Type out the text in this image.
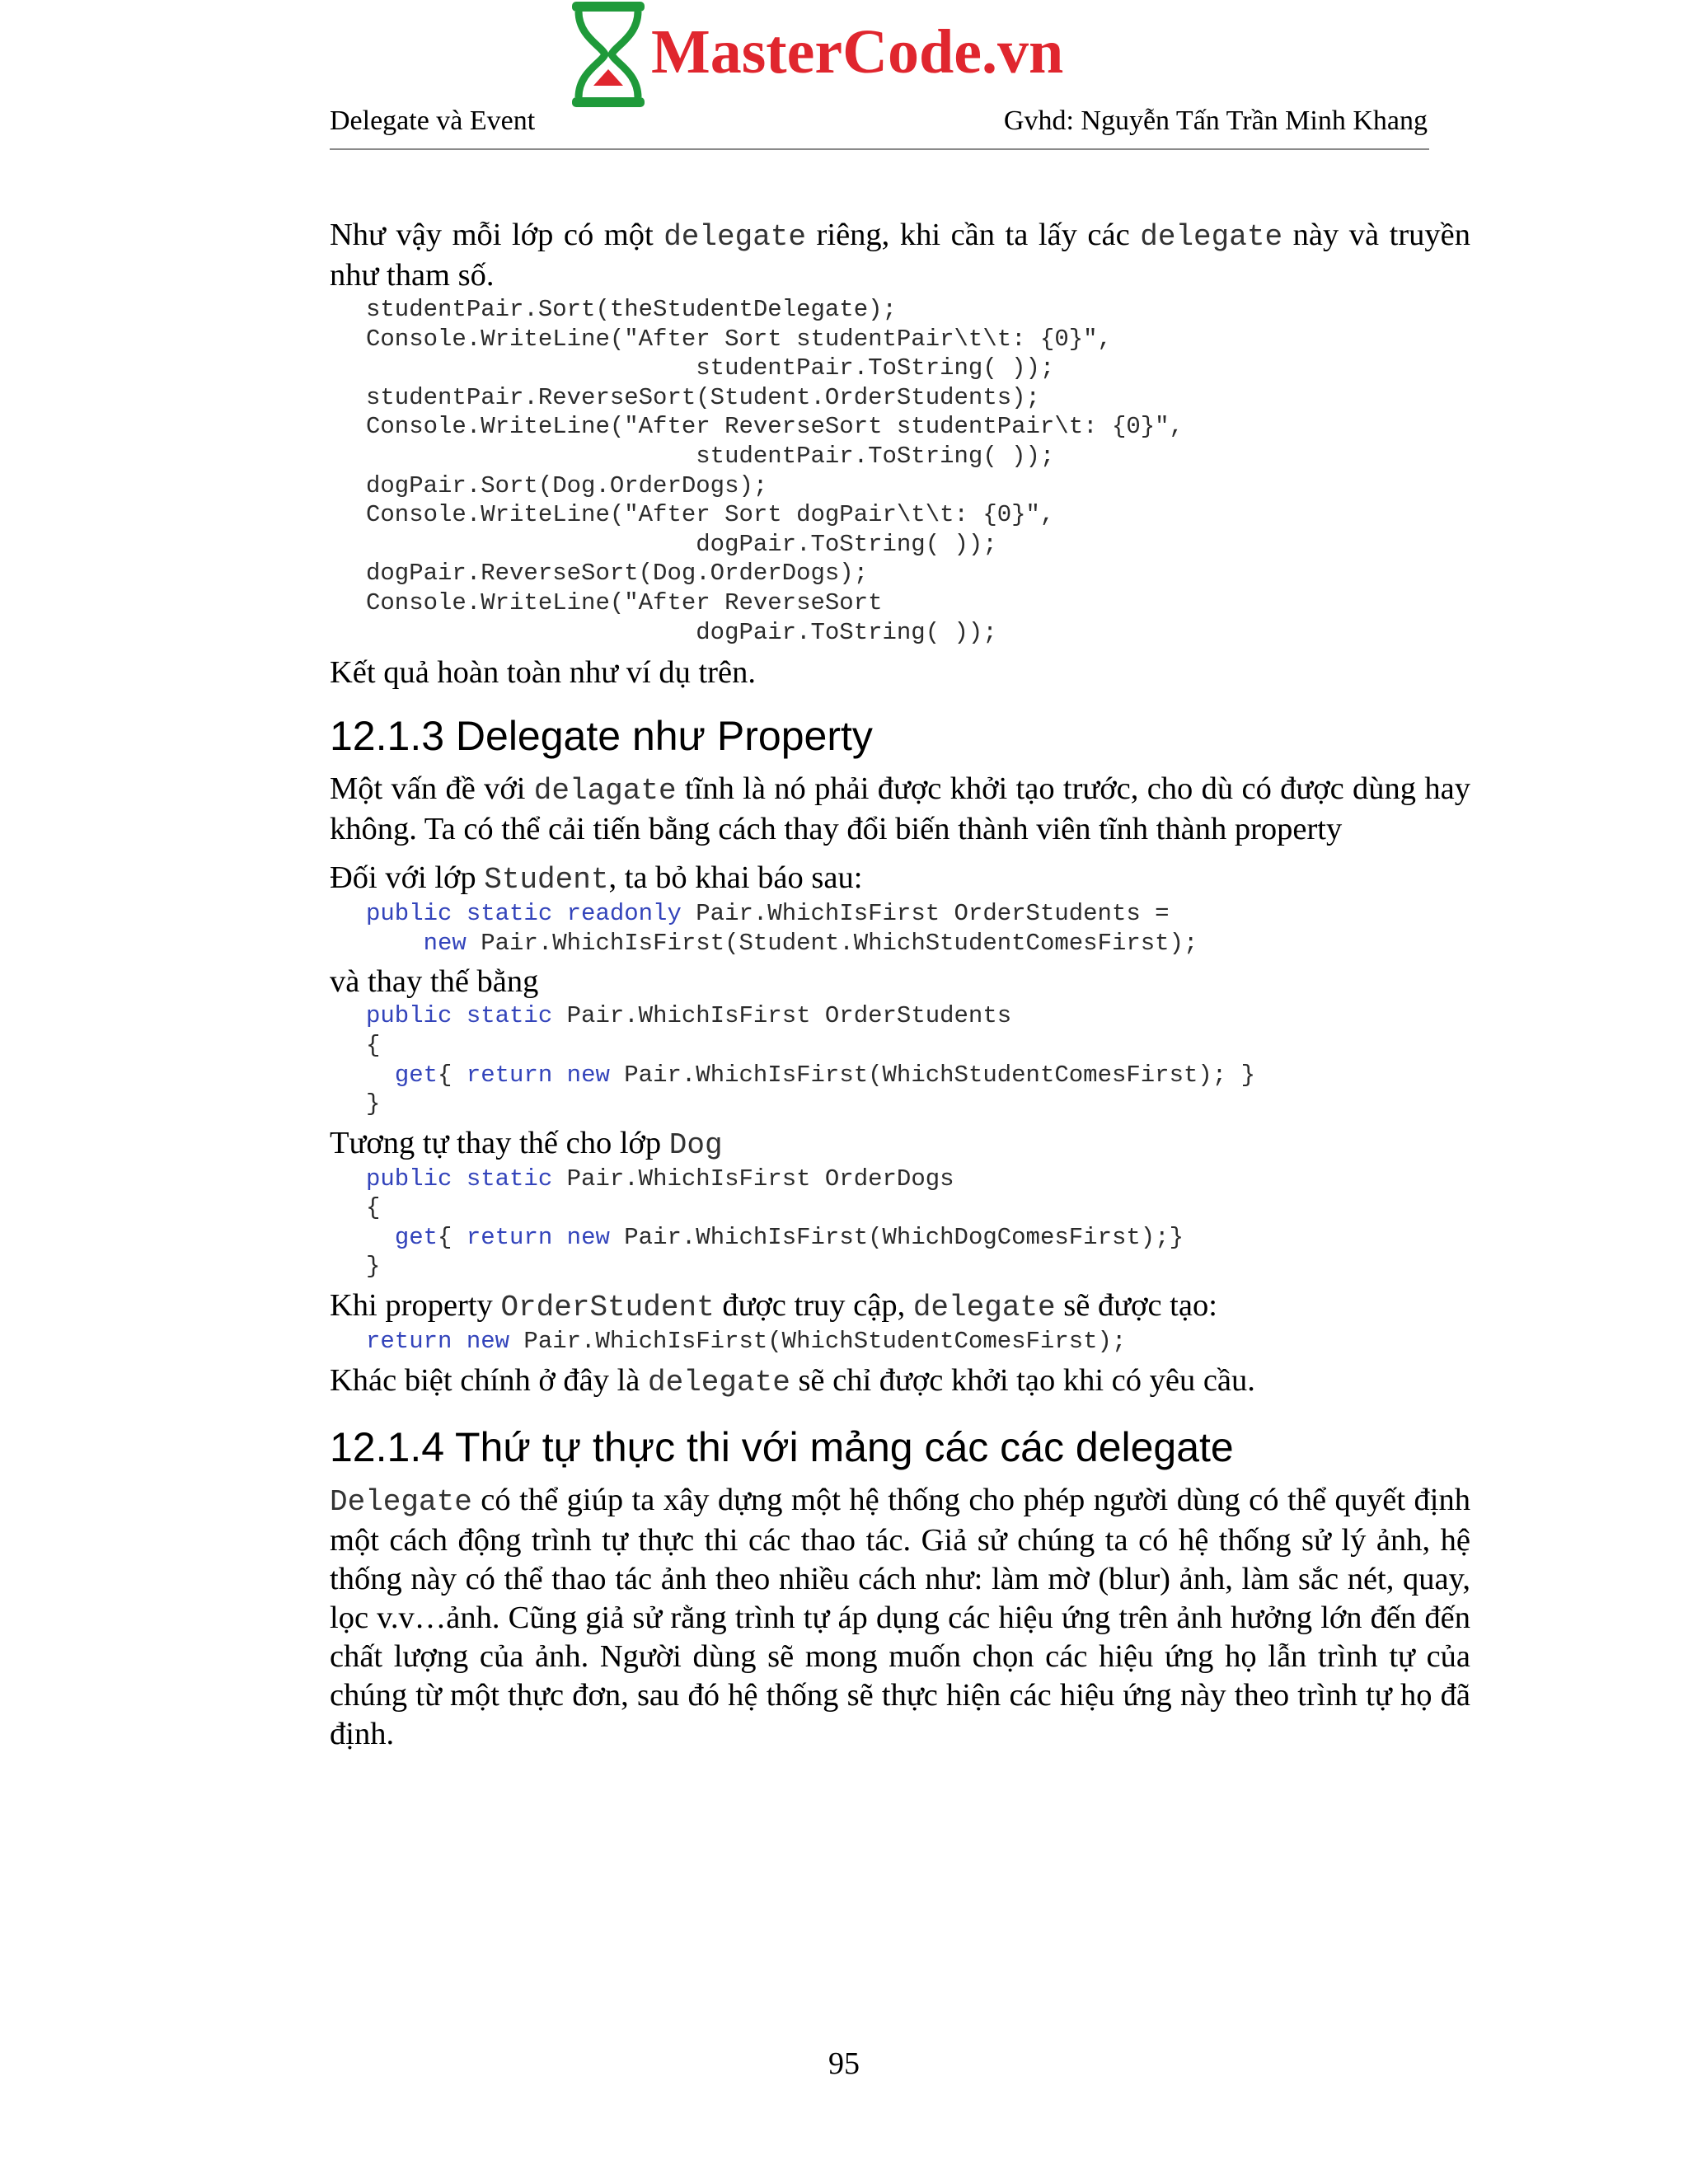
MasterCode.vn
Delegate và Event	Gvhd: Nguyễn Tấn Trần Minh Khang

Như vậy mỗi lớp có một delegate riêng, khi cần ta lấy các delegate này và truyền như tham số.

studentPair.Sort(theStudentDelegate);
Console.WriteLine("After Sort studentPair\t\t: {0}",
studentPair.ToString( ));
studentPair.ReverseSort(Student.OrderStudents);
Console.WriteLine("After ReverseSort studentPair\t: {0}",
studentPair.ToString( ));
dogPair.Sort(Dog.OrderDogs);
Console.WriteLine("After Sort dogPair\t\t: {0}",
dogPair.ToString( ));
dogPair.ReverseSort(Dog.OrderDogs);
Console.WriteLine("After ReverseSort
dogPair.ToString( ));

Kết quả hoàn toàn như ví dụ trên.

12.1.3 Delegate như Property

Một vấn đề với delagate tĩnh là nó phải được khởi tạo trước, cho dù có được dùng hay không. Ta có thể cải tiến bằng cách thay đổi biến thành viên tĩnh thành property

Đối với lớp Student, ta bỏ khai báo sau:

public static readonly Pair.WhichIsFirst OrderStudents =
new Pair.WhichIsFirst(Student.WhichStudentComesFirst);

và thay thế bằng

public static Pair.WhichIsFirst OrderStudents
{
get{ return new Pair.WhichIsFirst(WhichStudentComesFirst); }
}

Tương tự thay thế cho lớp Dog

public static Pair.WhichIsFirst OrderDogs
{
get{ return new Pair.WhichIsFirst(WhichDogComesFirst);}
}

Khi property OrderStudent được truy cập, delegate sẽ được tạo:

return new Pair.WhichIsFirst(WhichStudentComesFirst);

Khác biệt chính ở đây là delegate sẽ chỉ được khởi tạo khi có yêu cầu.

12.1.4 Thứ tự thực thi với mảng các các delegate

Delegate có thể giúp ta xây dựng một hệ thống cho phép người dùng có thể quyết định một cách động trình tự thực thi các thao tác. Giả sử chúng ta có hệ thống sử lý ảnh, hệ thống này có thể thao tác ảnh theo nhiều cách như: làm mờ (blur) ảnh, làm sắc nét, quay, lọc v.v…ảnh. Cũng giả sử rằng trình tự áp dụng các hiệu ứng trên ảnh hưởng lớn đến đến chất lượng của ảnh. Người dùng sẽ mong muốn chọn các hiệu ứng họ lẫn trình tự của chúng từ một thực đơn, sau đó hệ thống sẽ thực hiện các hiệu ứng này theo trình tự họ đã định.

95
